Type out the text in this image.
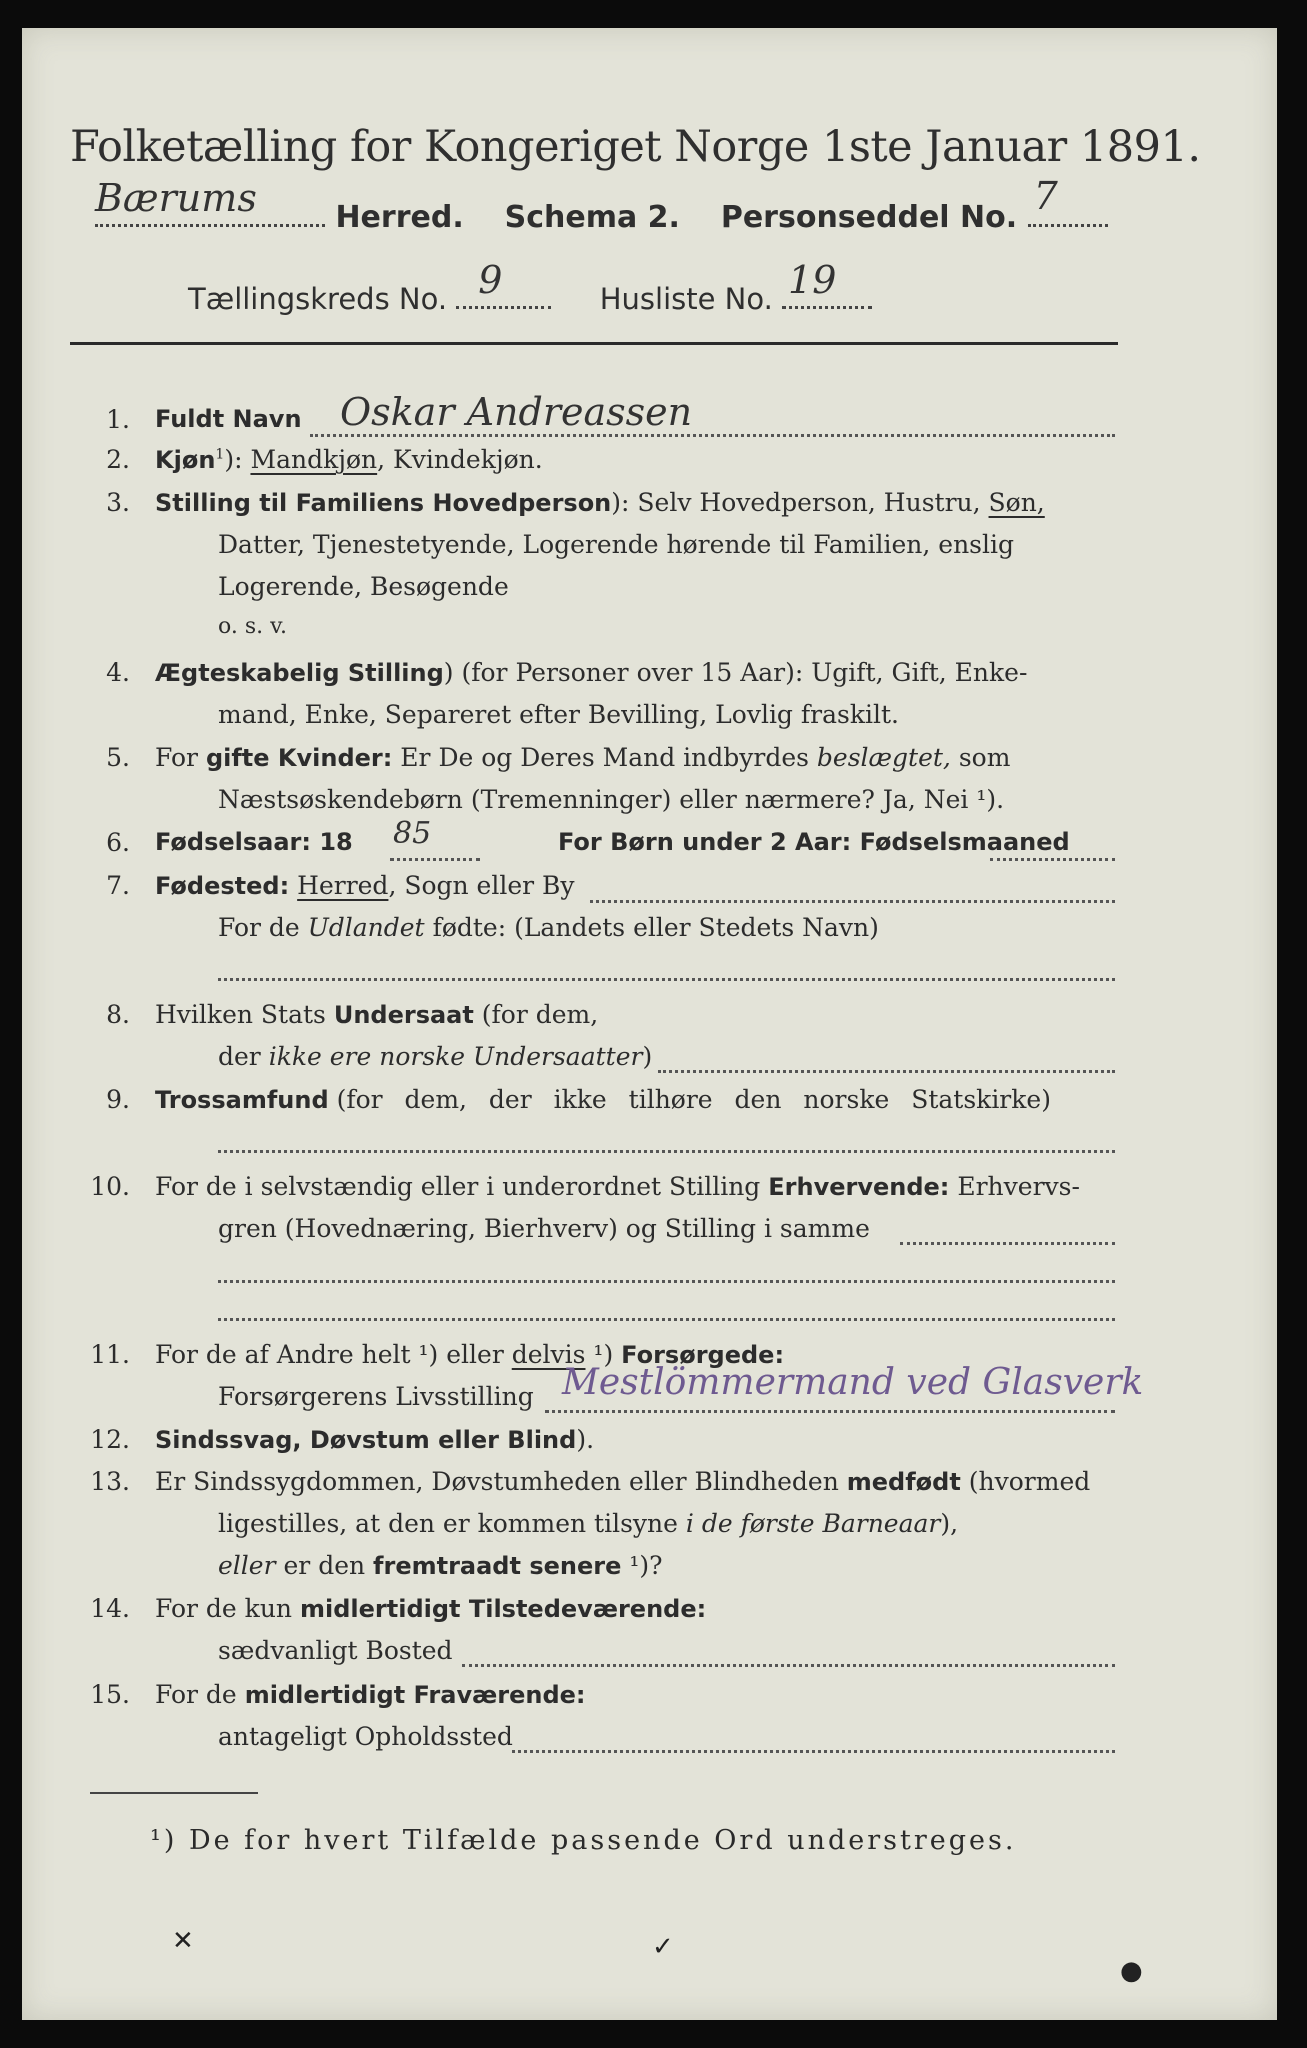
Folketælling for Kongeriget Norge 1ste Januar 1891.
Bærums	Herred. Schema 2. Personseddel No. 7
Tællingskreds No. 9	Husliste No. 19
1. Fuldt Navn Oskar Andreassen
2. Kjøn$^1$): Mandkjøn, Kvindekjøn.
3. Stilling til Familiens Hovedperson): Selv Hovedperson, Hustru, Søn,
Datter, Tjenestetyende, Logerende hørende til Familien, enslig
Logerende, Besøgende
o. s. v.
4. Ægteskabelig Stilling) (for Personer over 15 Aar): Ugift, Gift, Enke-
mand, Enke, Separeret efter Bevilling, Lovlig fraskilt.
5. For gifte Kvinder: Er De og Deres Mand indbyrdes beslægtet, som
Næstsøskendebørn (Tremenninger) eller nærmere? Ja, Nei ¹).
6. Fødselsaar: 18	For Børn under 2 Aar: Fødselsmaaned
85
7. Fødested: Herred, Sogn eller By
For de Udlandet fødte: (Landets eller Stedets Navn)
8. Hvilken Stats Undersaat (for dem,
der ikke ere norske Undersaatter)
9. Trossamfund (for dem, der ikke tilhøre den norske Statskirke)
10. For de i selvstændig eller i underordnet Stilling Erhvervende: Erhvervs-
gren (Hovednæring, Bierhverv) og Stilling i samme
11. For de af Andre helt ¹) eller delvis ¹) Forsørgede:
Forsørgerens Livsstilling Mestlömmermand ved Glasverk
12. Sindssvag, Døvstum eller Blind).
13. Er Sindssygdommen, Døvstumheden eller Blindheden medfødt (hvormed
ligestilles, at den er kommen tilsyne i de første Barneaar),
eller er den fremtraadt senere ¹)?
14. For de kun midlertidigt Tilstedeværende:
sædvanligt Bosted
15. For de midlertidigt Fraværende:
antageligt Opholdssted
¹) De for hvert Tilfælde passende Ord understreges.
✕	✓
●
